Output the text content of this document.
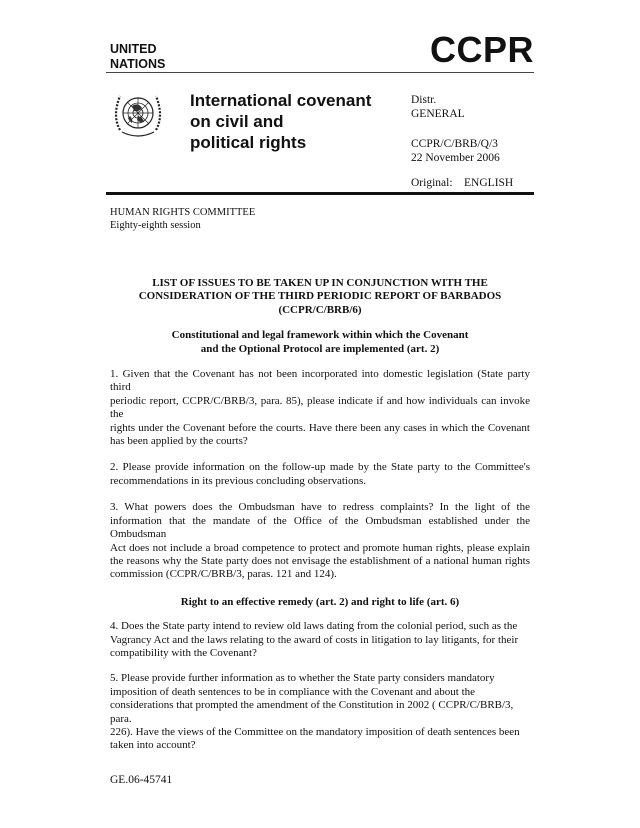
UNITED
NATIONS	CCPR
International covenant
on civil and
political rights
Distr.
GENERAL
CCPR/C/BRB/Q/3
22 November 2006
Original: ENGLISH
HUMAN RIGHTS COMMITTEE
Eighty-eighth session
LIST OF ISSUES TO BE TAKEN UP IN CONJUNCTION WITH THE
CONSIDERATION OF THE THIRD PERIODIC REPORT OF BARBADOS
(CCPR/C/BRB/6)
Constitutional and legal framework within which the Covenant
and the Optional Protocol are implemented (art. 2)
1. Given that the Covenant has not been incorporated into domestic legislation (State party third
periodic report, CCPR/C/BRB/3, para. 85), please indicate if and how individuals can invoke the
rights under the Covenant before the courts. Have there been any cases in which the Covenant
has been applied by the courts?
2. Please provide information on the follow-up made by the State party to the Committee's
recommendations in its previous concluding observations.
3. What powers does the Ombudsman have to redress complaints? In the light of the
information that the mandate of the Office of the Ombudsman established under the Ombudsman
Act does not include a broad competence to protect and promote human rights, please explain
the reasons why the State party does not envisage the establishment of a national human rights
commission (CCPR/C/BRB/3, paras. 121 and 124).
Right to an effective remedy (art. 2) and right to life (art. 6)
4. Does the State party intend to review old laws dating from the colonial period, such as the
Vagrancy Act and the laws relating to the award of costs in litigation to lay litigants, for their
compatibility with the Covenant?
5. Please provide further information as to whether the State party considers mandatory
imposition of death sentences to be in compliance with the Covenant and about the
considerations that prompted the amendment of the Constitution in 2002 ( CCPR/C/BRB/3, para.
226). Have the views of the Committee on the mandatory imposition of death sentences been
taken into account?
GE.06-45741
